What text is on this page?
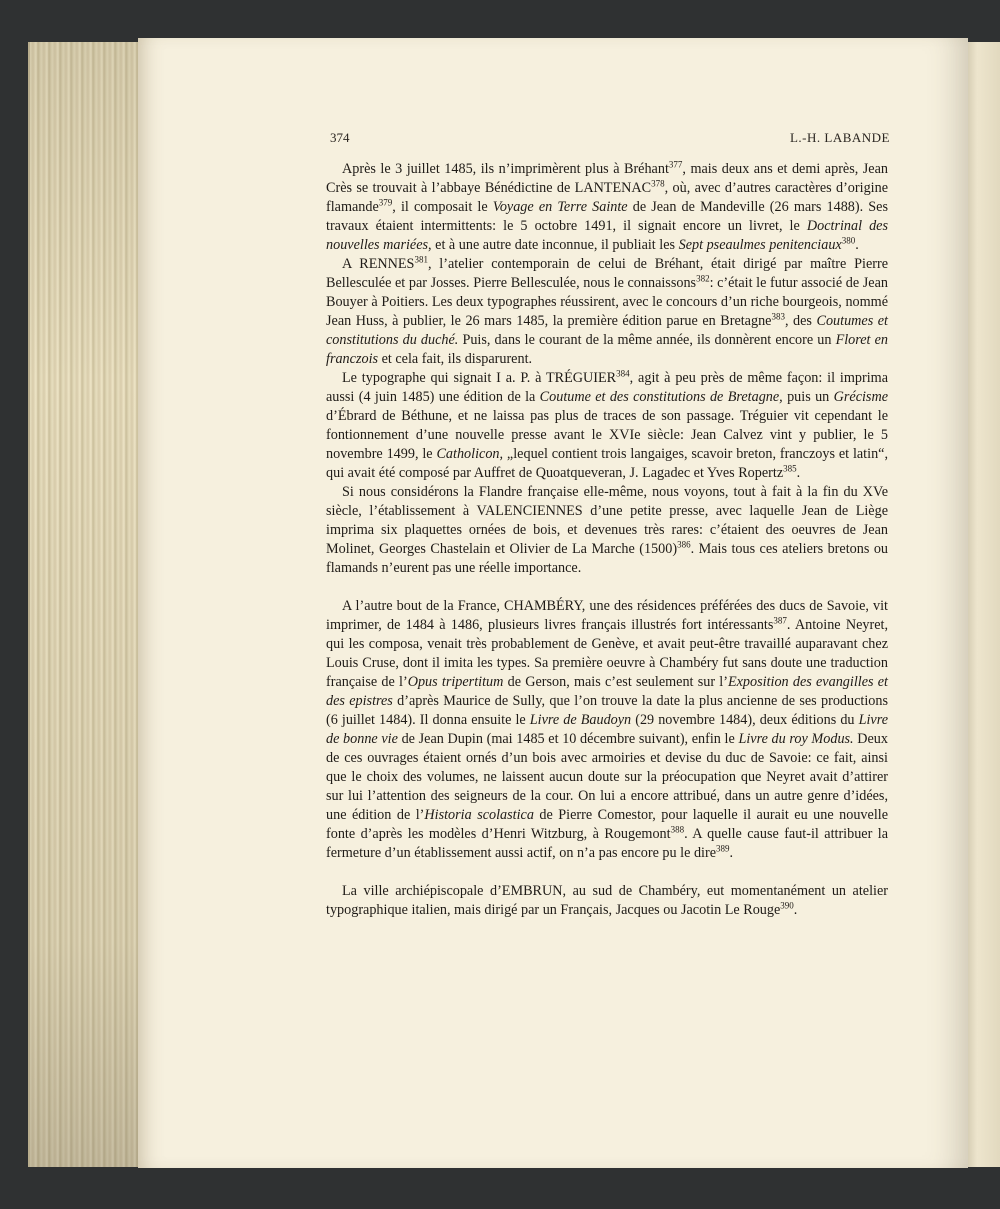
374	L.-H. LABANDE

Après le 3 juillet 1485, ils n’imprimèrent plus à Bréhant$^{377}$, mais deux ans et demi après, Jean Crès se trouvait à l’abbaye Bénédictine de LANTENAC$^{378}$, où, avec d’autres caractères d’origine flamande$^{379}$, il composait le Voyage en Terre Sainte de Jean de Mandeville (26 mars 1488). Ses travaux étaient intermittents: le 5 octobre 1491, il signait encore un livret, le Doctrinal des nouvelles mariées, et à une autre date inconnue, il publiait les Sept pseaulmes penitenciaux$^{380}$.

A RENNES$^{381}$, l’atelier contemporain de celui de Bréhant, était dirigé par maître Pierre Bellesculée et par Josses. Pierre Bellesculée, nous le connaissons$^{382}$: c’était le futur associé de Jean Bouyer à Poitiers. Les deux typographes réussirent, avec le concours d’un riche bourgeois, nommé Jean Huss, à publier, le 26 mars 1485, la première édition parue en Bretagne$^{383}$, des Coutumes et constitutions du duché. Puis, dans le courant de la même année, ils donnèrent encore un Floret en franczois et cela fait, ils disparurent.

Le typographe qui signait I a. P. à TRÉGUIER$^{384}$, agit à peu près de même façon: il imprima aussi (4 juin 1485) une édition de la Coutume et des constitutions de Bretagne, puis un Grécisme d’Ébrard de Béthune, et ne laissa pas plus de traces de son passage. Tréguier vit cependant le fontionnement d’une nouvelle presse avant le XVIe siècle: Jean Calvez vint y publier, le 5 novembre 1499, le Catholicon, „lequel contient trois langaiges, scavoir breton, franczoys et latin“, qui avait été composé par Auffret de Quoatqueveran, J. Lagadec et Yves Ropertz$^{385}$.

Si nous considérons la Flandre française elle-même, nous voyons, tout à fait à la fin du XVe siècle, l’établissement à VALENCIENNES d’une petite presse, avec laquelle Jean de Liège imprima six plaquettes ornées de bois, et devenues très rares: c’étaient des oeuvres de Jean Molinet, Georges Chastelain et Olivier de La Marche $(1500)^{386}$. Mais tous ces ateliers bretons ou flamands n’eurent pas une réelle importance.

A l’autre bout de la France, CHAMBÉRY, une des résidences préférées des ducs de Savoie, vit imprimer, de 1484 à 1486, plusieurs livres français illustrés fort intéressants$^{387}$. Antoine Neyret, qui les composa, venait très probablement de Genève, et avait peut-être travaillé auparavant chez Louis Cruse, dont il imita les types. Sa première oeuvre à Chambéry fut sans doute une traduction française de l’Opus tripertitum de Gerson, mais c’est seulement sur l’Exposition des evangilles et des epistres d’après Maurice de Sully, que l’on trouve la date la plus ancienne de ses productions (6 juillet 1484). Il donna ensuite le Livre de Baudoyn (29 novembre 1484), deux éditions du Livre de bonne vie de Jean Dupin (mai 1485 et 10 décembre suivant), enfin le Livre du roy Modus. Deux de ces ouvrages étaient ornés d’un bois avec armoiries et devise du duc de Savoie: ce fait, ainsi que le choix des volumes, ne laissent aucun doute sur la préocupation que Neyret avait d’attirer sur lui l’attention des seigneurs de la cour. On lui a encore attribué, dans un autre genre d’idées, une édition de l’Historia scolastica de Pierre Comestor, pour laquelle il aurait eu une nouvelle fonte d’après les modèles d’Henri Witzburg, à Rougemont$^{388}$. A quelle cause faut-il attribuer la fermeture d’un établissement aussi actif, on n’a pas encore pu le dire$^{389}$.

La ville archiépiscopale d’EMBRUN, au sud de Chambéry, eut momentanément un atelier typographique italien, mais dirigé par un Français, Jacques ou Jacotin Le Rouge$^{390}$.
